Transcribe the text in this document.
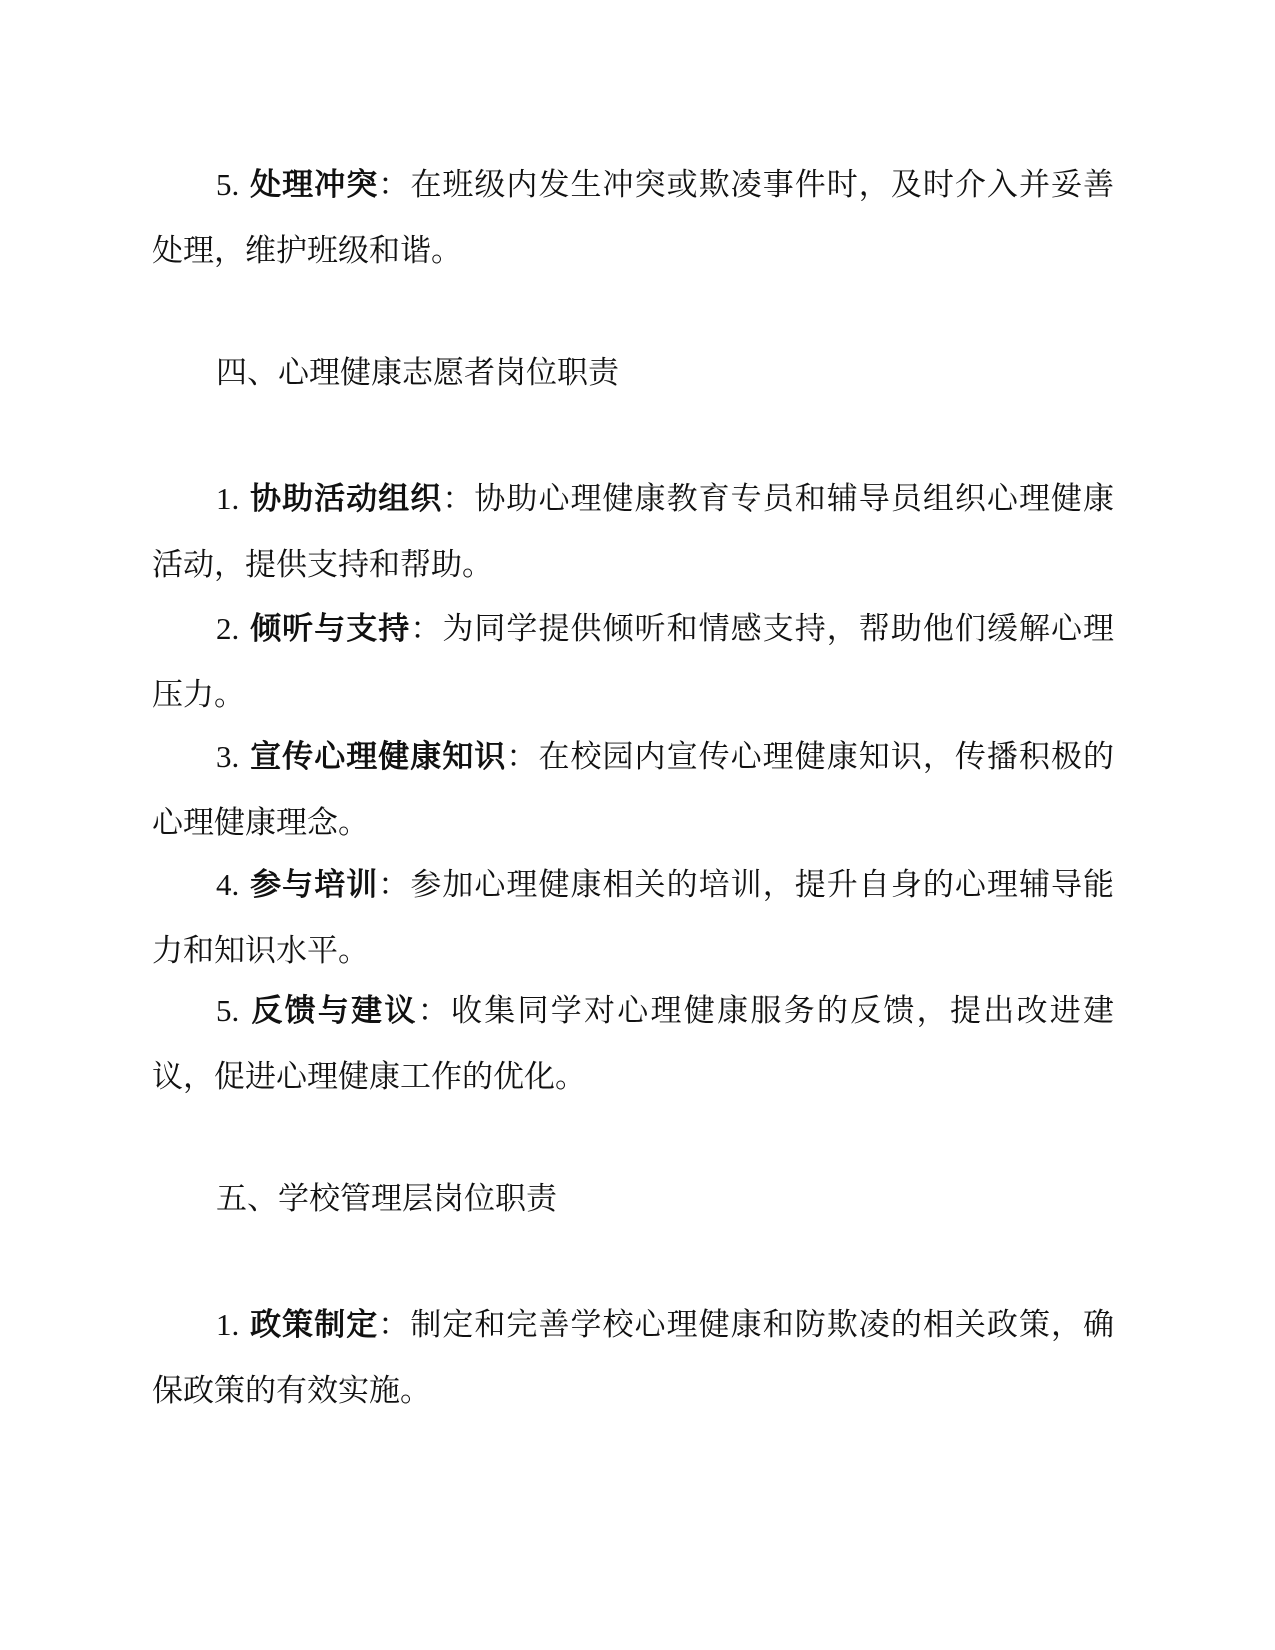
5. 处理冲突：在班级内发生冲突或欺凌事件时，及时介入并妥善处理，维护班级和谐。

四、心理健康志愿者岗位职责

1. 协助活动组织：协助心理健康教育专员和辅导员组织心理健康活动，提供支持和帮助。

2. 倾听与支持：为同学提供倾听和情感支持，帮助他们缓解心理压力。

3. 宣传心理健康知识：在校园内宣传心理健康知识，传播积极的心理健康理念。

4. 参与培训：参加心理健康相关的培训，提升自身的心理辅导能力和知识水平。

5. 反馈与建议：收集同学对心理健康服务的反馈，提出改进建议，促进心理健康工作的优化。

五、学校管理层岗位职责

1. 政策制定：制定和完善学校心理健康和防欺凌的相关政策，确保政策的有效实施。
